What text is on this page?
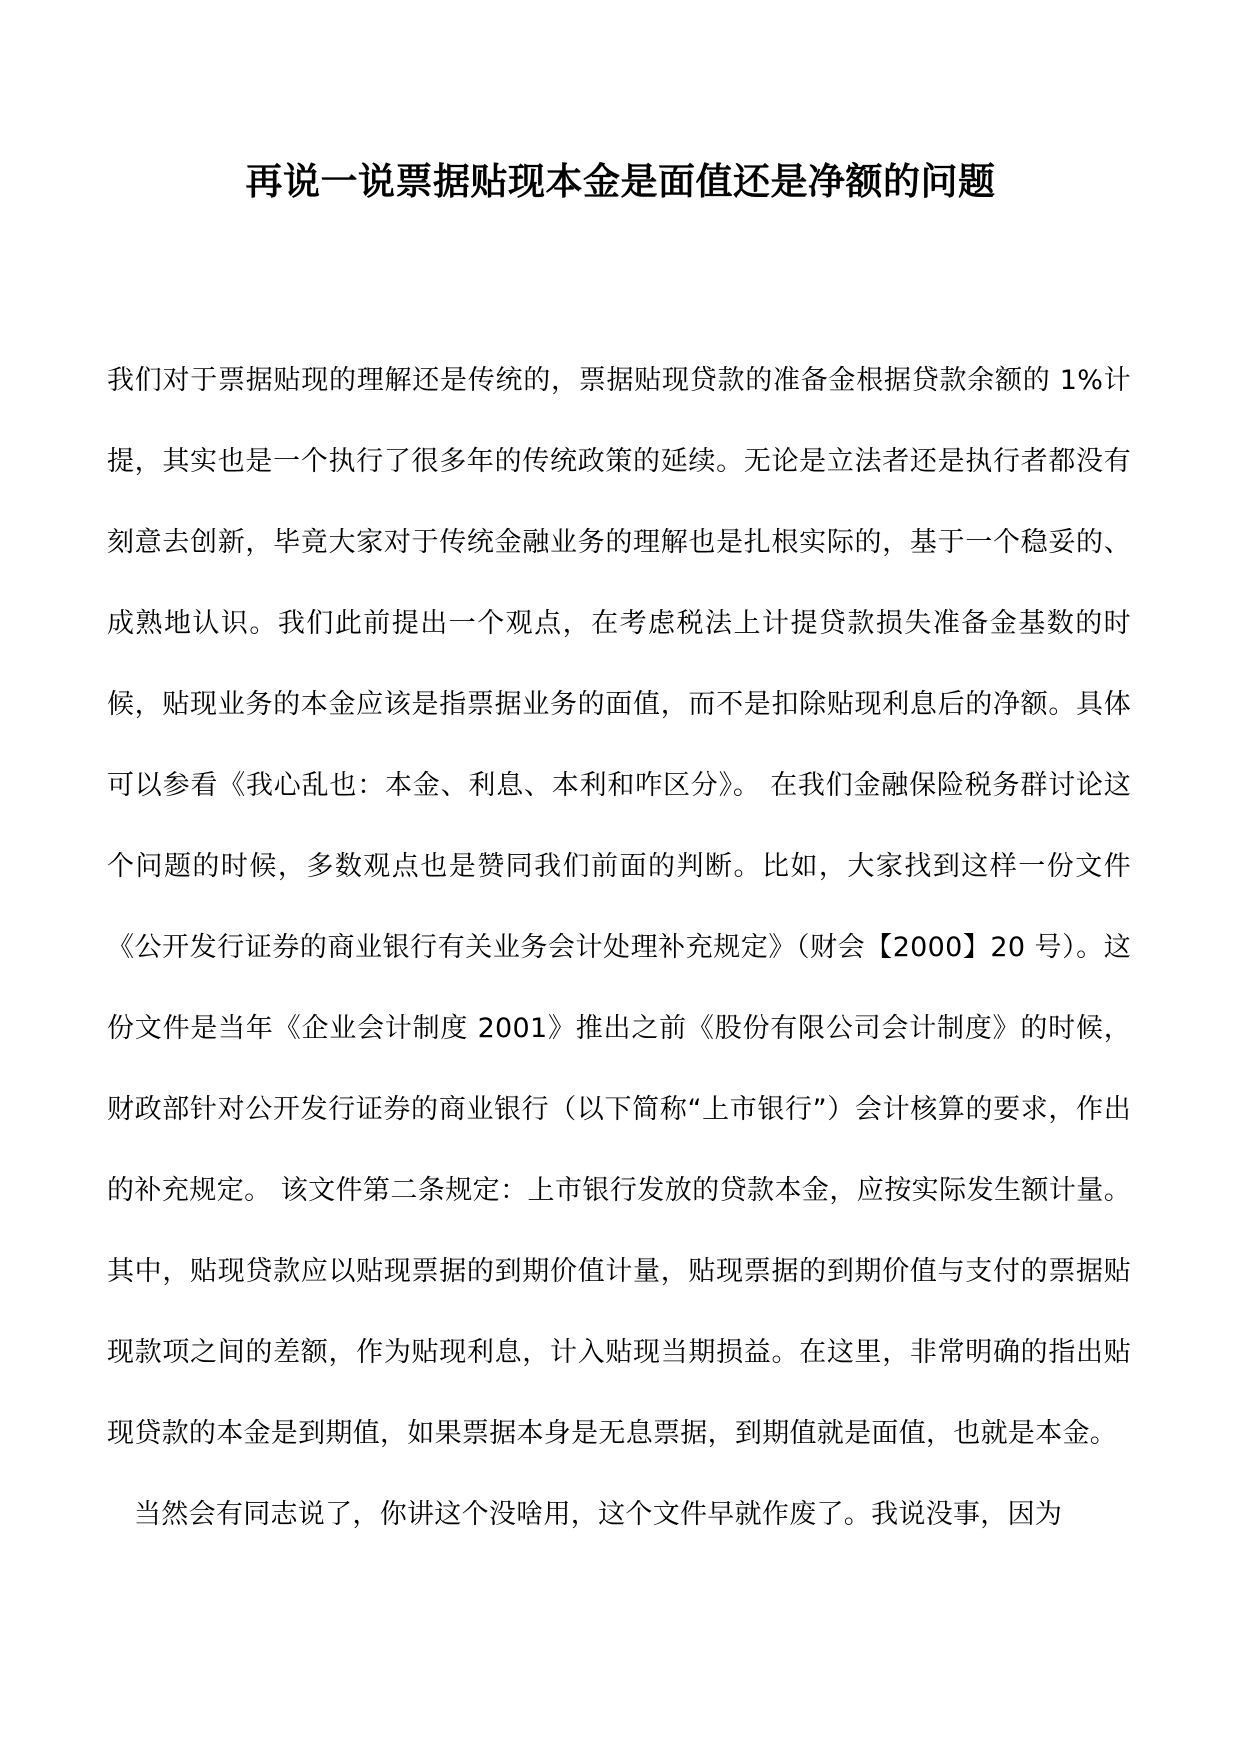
再说一说票据贴现本金是面值还是净额的问题

我们对于票据贴现的理解还是传统的，票据贴现贷款的准备金根据贷款余额的 1%计提，其实也是一个执行了很多年的传统政策的延续。无论是立法者还是执行者都没有刻意去创新，毕竟大家对于传统金融业务的理解也是扎根实际的，基于一个稳妥的、成熟地认识。我们此前提出一个观点，在考虑税法上计提贷款损失准备金基数的时候，贴现业务的本金应该是指票据业务的面值，而不是扣除贴现利息后的净额。具体可以参看《我心乱也：本金、利息、本利和咋区分》。 在我们金融保险税务群讨论这个问题的时候，多数观点也是赞同我们前面的判断。比如，大家找到这样一份文件《公开发行证券的商业银行有关业务会计处理补充规定》（财会【2000】20 号）。这份文件是当年《企业会计制度 2001》推出之前《股份有限公司会计制度》的时候，财政部针对公开发行证券的商业银行（以下简称“上市银行”）会计核算的要求，作出的补充规定。 该文件第二条规定：上市银行发放的贷款本金，应按实际发生额计量。其中，贴现贷款应以贴现票据的到期价值计量，贴现票据的到期价值与支付的票据贴现款项之间的差额，作为贴现利息，计入贴现当期损益。在这里，非常明确的指出贴现贷款的本金是到期值，如果票据本身是无息票据，到期值就是面值，也就是本金。

当然会有同志说了，你讲这个没啥用，这个文件早就作废了。我说没事，因为
